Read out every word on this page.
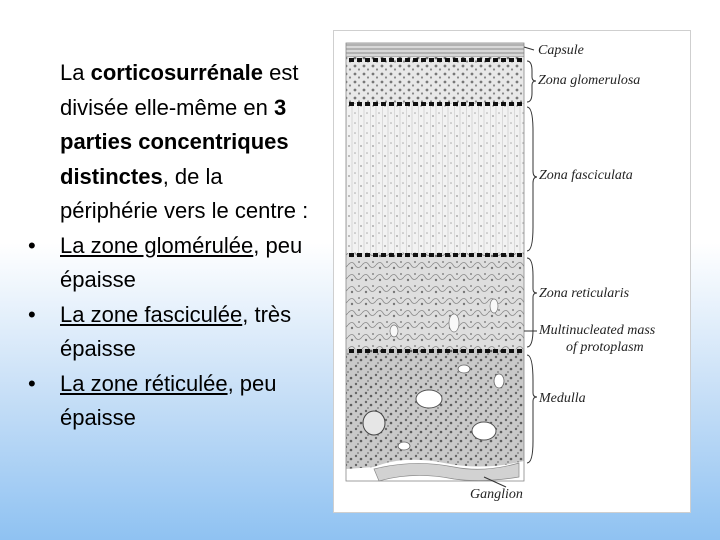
La corticosurrénale est divisée elle-même en 3 parties concentriques distinctes, de la périphérie vers le centre :
• La zone glomérulée, peu épaisse
• La zone fasciculée, très épaisse
• La zone réticulée, peu épaisse
Capsule
Zona glomerulosa
Zona fasciculata
Zona reticularis
Multinucleated mass
of protoplasm
Medulla
Ganglion
